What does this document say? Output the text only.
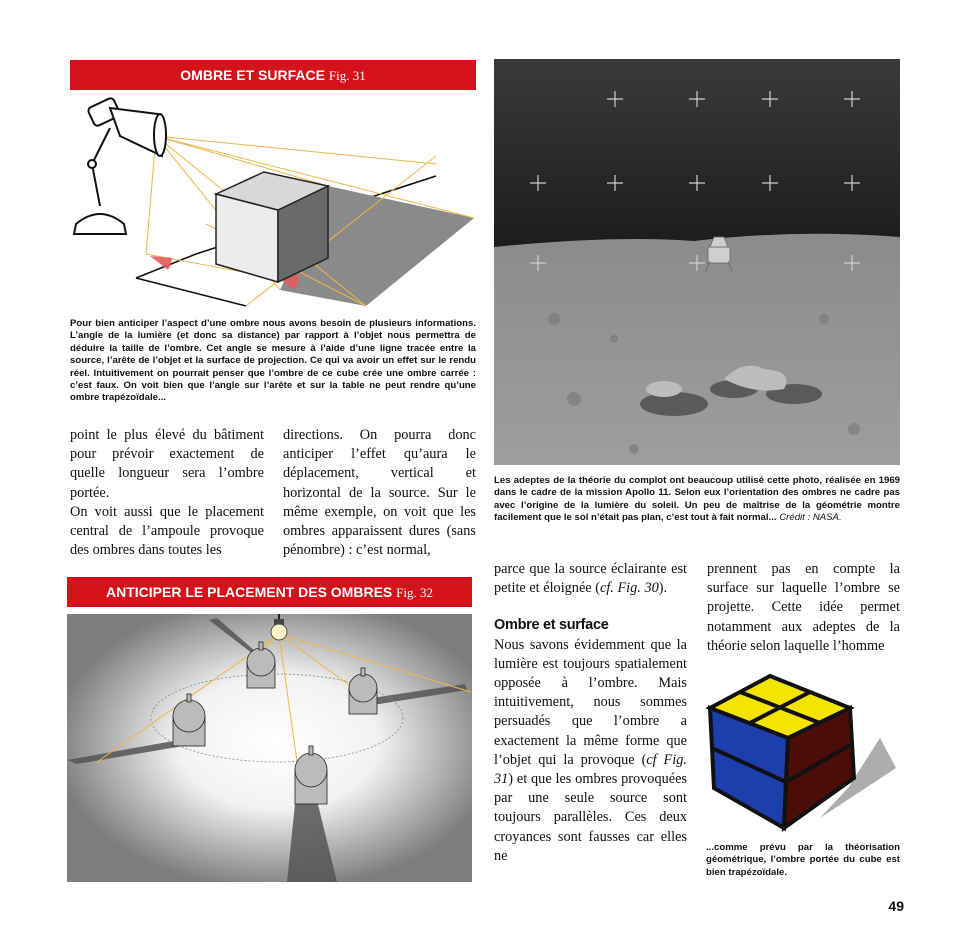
OMBRE ET SURFACE Fig. 31
Pour bien anticiper l’aspect d’une ombre nous avons besoin de plusieurs informations. L’angle de la lumière (et donc sa distance) par rapport à l’objet nous permettra de déduire la taille de l’ombre. Cet angle se mesure à l’aide d’une ligne tracée entre la source, l’arête de l’objet et la surface de projection. Ce qui va avoir un effet sur le rendu réel. Intuitivement on pourrait penser que l’ombre de ce cube crée une ombre carrée : c’est faux. On voit bien que l’angle sur l’arête et sur la table ne peut rendre qu’une ombre trapézoïdale...

point le plus élevé du bâtiment pour prévoir exactement de quelle longueur sera l’ombre portée.

On voit aussi que le placement central de l’ampoule provoque des ombres dans toutes les

directions. On pourra donc anticiper l’effet qu’aura le déplacement, vertical et horizontal de la source. Sur le même exemple, on voit que les ombres apparaissent dures (sans pénombre) : c’est normal,

ANTICIPER LE PLACEMENT DES OMBRES Fig. 32
Les adeptes de la théorie du complot ont beaucoup utilisé cette photo, réalisée en 1969 dans le cadre de la mission Apollo 11. Selon eux l’orientation des ombres ne cadre pas avec l’origine de la lumière du soleil. Un peu de maîtrise de la géométrie montre facilement que le sol n’était pas plan, c’est tout à fait normal... Crédit : NASA.

parce que la source éclairante est petite et éloignée (cf. Fig. 30).

Ombre et surface

Nous savons évidemment que la lumière est toujours spatialement opposée à l’ombre. Mais intuitivement, nous sommes persuadés que l’ombre a exactement la même forme que l’objet qui la provoque (cf Fig. 31) et que les ombres provoquées par une seule source sont toujours parallèles. Ces deux croyances sont fausses car elles ne

prennent pas en compte la surface sur laquelle l’ombre se projette. Cette idée permet notamment aux adeptes de la théorie selon laquelle l’homme

...comme prévu par la théorisation géométrique, l’ombre portée du cube est bien trapézoïdale.
49
